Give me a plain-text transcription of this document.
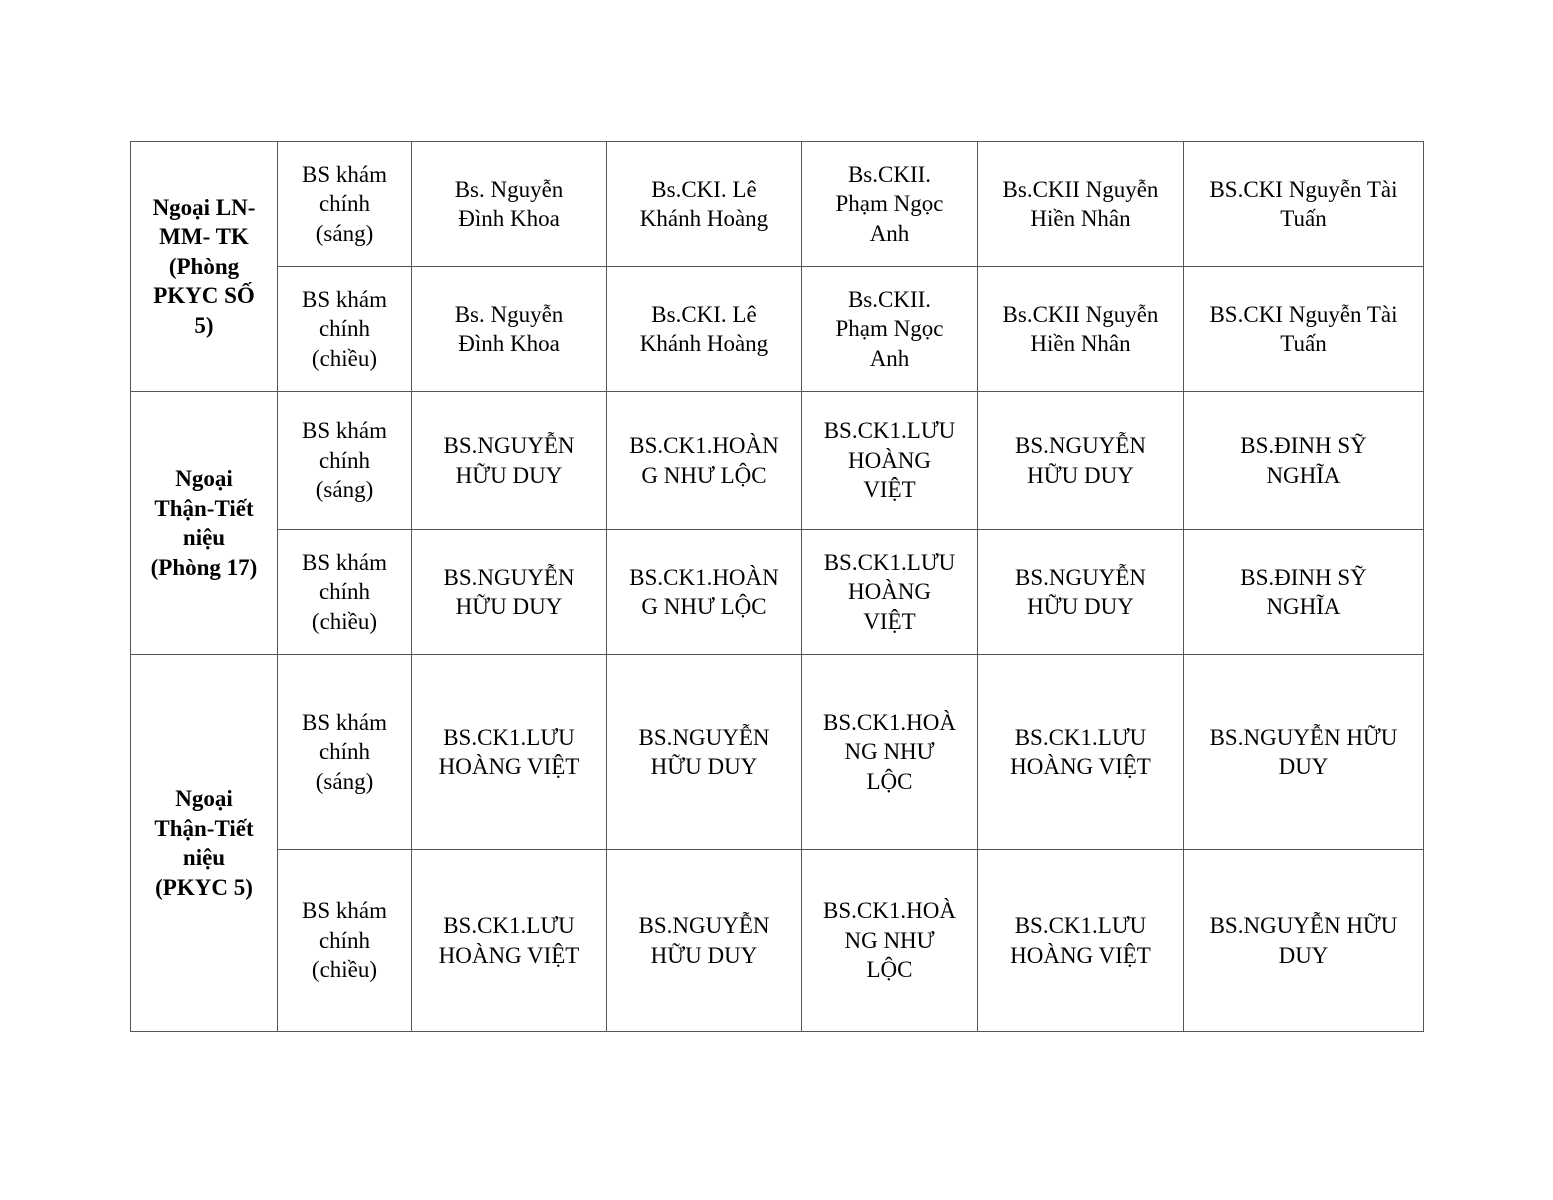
Ngoại LN-
MM- TK
(Phòng
PKYC SỐ
5)	BS khám
chính
(sáng)	Bs. Nguyễn
Đình Khoa	Bs.CKI. Lê
Khánh Hoàng	Bs.CKII.
Phạm Ngọc
Anh	Bs.CKII Nguyễn
Hiền Nhân	BS.CKI Nguyễn Tài
Tuấn

	BS khám
chính
(chiều)	Bs. Nguyễn
Đình Khoa	Bs.CKI. Lê
Khánh Hoàng	Bs.CKII.
Phạm Ngọc
Anh	Bs.CKII Nguyễn
Hiền Nhân	BS.CKI Nguyễn Tài
Tuấn

Ngoại
Thận-Tiết
niệu
(Phòng 17)	BS khám
chính
(sáng)	BS.NGUYỄN
HỮU DUY	BS.CK1.HOÀN
G NHƯ LỘC	BS.CK1.LƯU
HOÀNG
VIỆT	BS.NGUYỄN
HỮU DUY	BS.ĐINH SỸ
NGHĨA

	BS khám
chính
(chiều)	BS.NGUYỄN
HỮU DUY	BS.CK1.HOÀN
G NHƯ LỘC	BS.CK1.LƯU
HOÀNG
VIỆT	BS.NGUYỄN
HỮU DUY	BS.ĐINH SỸ
NGHĨA

Ngoại
Thận-Tiết
niệu
(PKYC 5)	BS khám
chính
(sáng)	BS.CK1.LƯU
HOÀNG VIỆT	BS.NGUYỄN
HỮU DUY	BS.CK1.HOÀ
NG NHƯ
LỘC	BS.CK1.LƯU
HOÀNG VIỆT	BS.NGUYỄN HỮU
DUY

	BS khám
chính
(chiều)	BS.CK1.LƯU
HOÀNG VIỆT	BS.NGUYỄN
HỮU DUY	BS.CK1.HOÀ
NG NHƯ
LỘC	BS.CK1.LƯU
HOÀNG VIỆT	BS.NGUYỄN HỮU
DUY
